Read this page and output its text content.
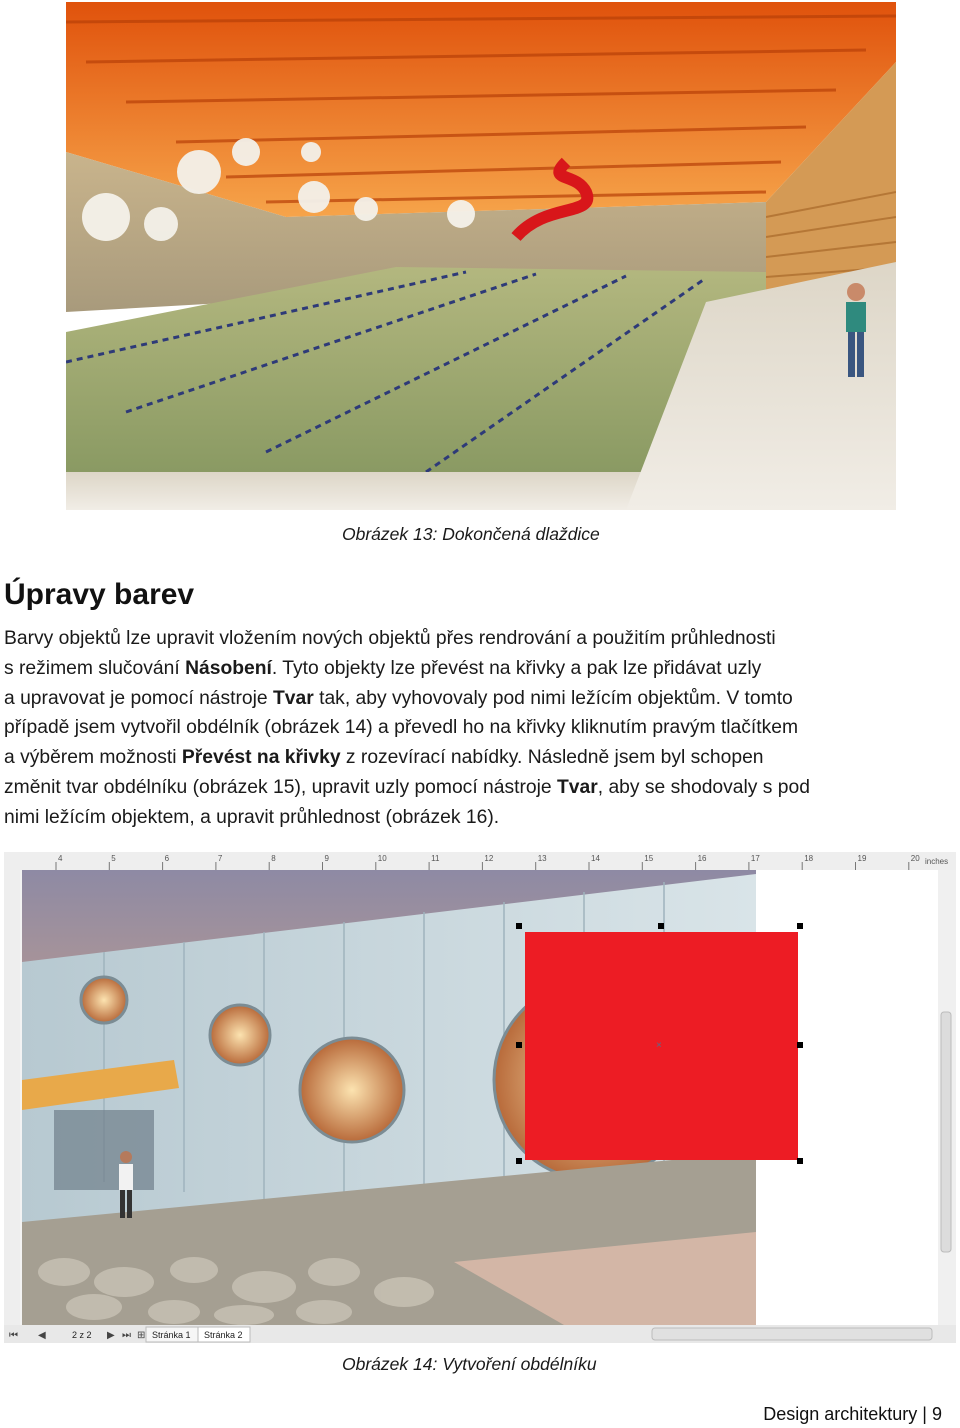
Obrázek 13: Dokončená dlaždice
Úpravy barev
Barvy objektů lze upravit vložením nových objektů přes rendrování a použitím průhlednosti
s režimem slučování Násobení. Tyto objekty lze převést na křivky a pak lze přidávat uzly
a upravovat je pomocí nástroje Tvar tak, aby vyhovovaly pod nimi ležícím objektům. V tomto
případě jsem vytvořil obdélník (obrázek 14) a převedl ho na křivky kliknutím pravým tlačítkem
a výběrem možnosti Převést na křivky z rozevírací nabídky. Následně jsem byl schopen
změnit tvar obdélníku (obrázek 15), upravit uzly pomocí nástroje Tvar, aby se shodovaly s pod
nimi ležícím objektem, a upravit průhlednost (obrázek 16).
4	5	6	7	8	9	10	11	12	13	14	15	16	17	18	19	20 inches
×
⏮ ◀	2 z 2 ▶ ⏭ ⊞ Stránka 1 Stránka 2
Obrázek 14: Vytvoření obdélníku
Design architektury | 9
